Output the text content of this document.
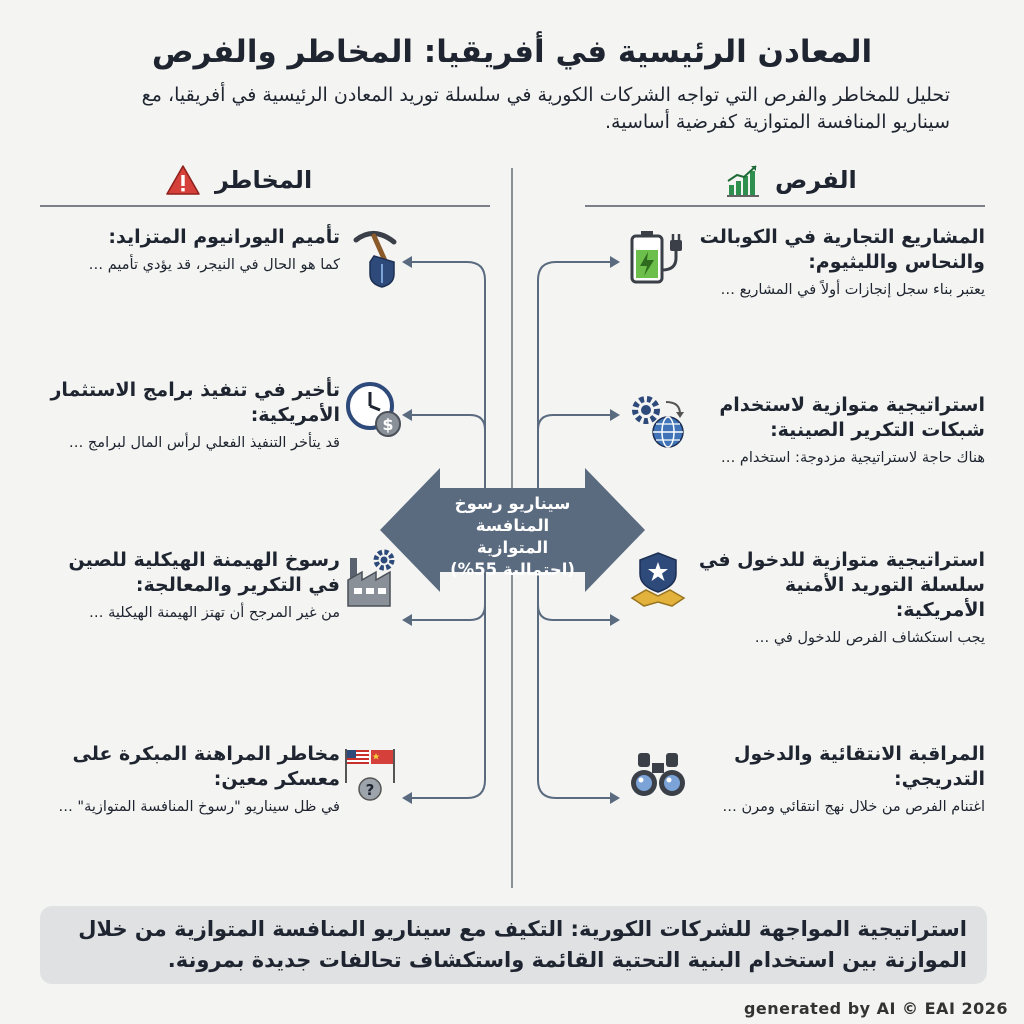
المعادن الرئيسية في أفريقيا: المخاطر والفرص
تحليل للمخاطر والفرص التي تواجه الشركات الكورية في سلسلة توريد المعادن الرئيسية في أفريقيا، مع سيناريو المنافسة المتوازية كفرضية أساسية.
المخاطر	الفرص
سيناريو رسوخ المنافسة المتوازية
(احتمالية 55%)
تأميم اليورانيوم المتزايد:
كما هو الحال في النيجر، قد يؤدي تأميم …
تأخير في تنفيذ برامج الاستثمار الأمريكية:
قد يتأخر التنفيذ الفعلي لرأس المال لبرامج …
$
رسوخ الهيمنة الهيكلية للصين في التكرير والمعالجة:
من غير المرجح أن تهتز الهيمنة الهيكلية …
مخاطر المراهنة المبكرة على معسكر معين:
في ظل سيناريو "رسوخ المنافسة المتوازية" …
?
المشاريع التجارية في الكوبالت والنحاس والليثيوم:
يعتبر بناء سجل إنجازات أولاً في المشاريع …
استراتيجية متوازية لاستخدام شبكات التكرير الصينية:
هناك حاجة لاستراتيجية مزدوجة: استخدام …
استراتيجية متوازية للدخول في سلسلة التوريد الأمنية الأمريكية:
يجب استكشاف الفرص للدخول في …
المراقبة الانتقائية والدخول التدريجي:
اغتنام الفرص من خلال نهج انتقائي ومرن …
استراتيجية المواجهة للشركات الكورية: التكيف مع سيناريو المنافسة المتوازية من خلال الموازنة بين استخدام البنية التحتية القائمة واستكشاف تحالفات جديدة بمرونة.
generated by AI © EAI 2026
